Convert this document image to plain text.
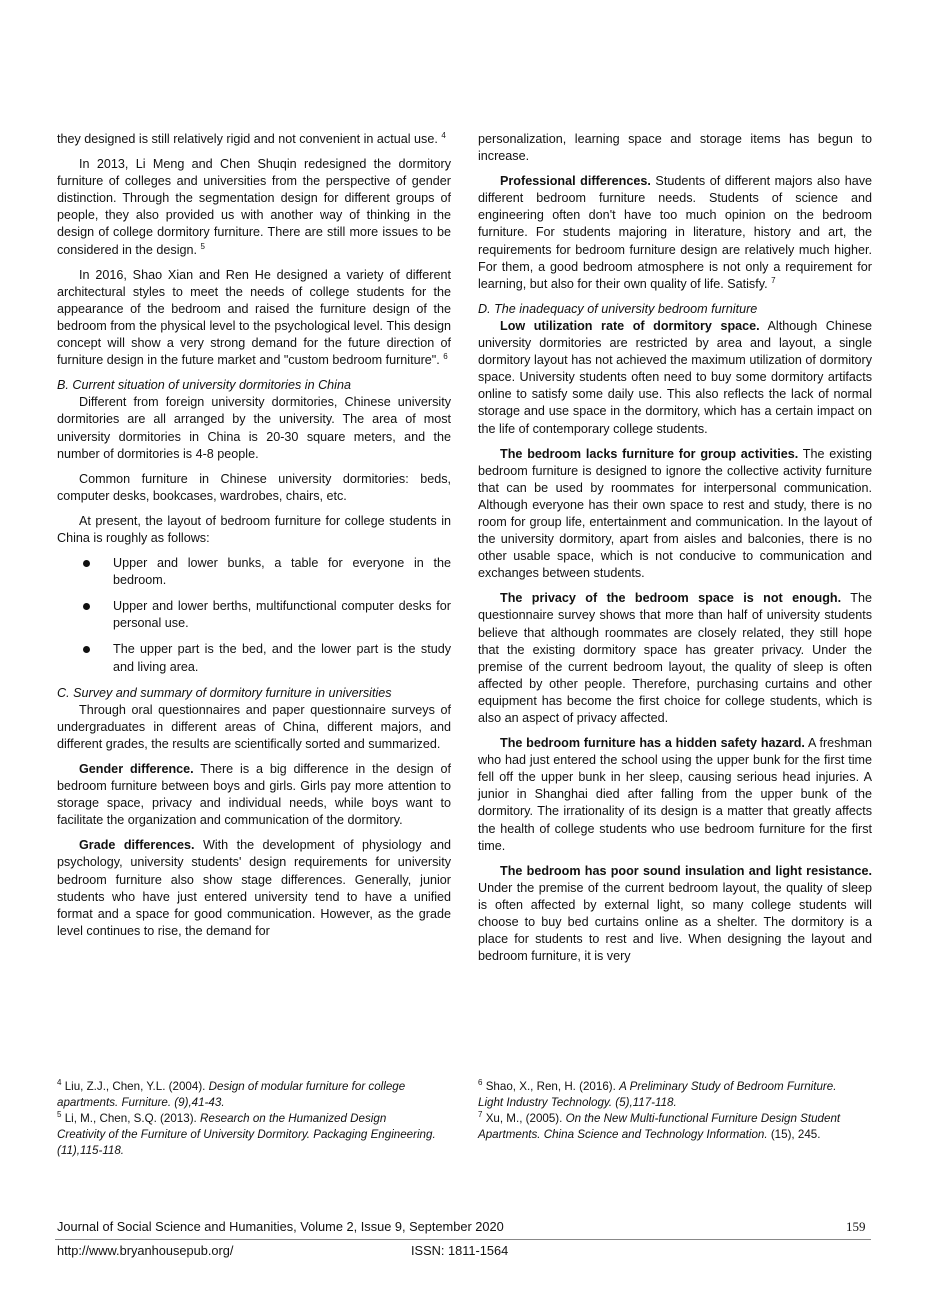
they designed is still relatively rigid and not convenient in actual use. $^4$
In 2013, Li Meng and Chen Shuqin redesigned the dormitory furniture of colleges and universities from the perspective of gender distinction. Through the segmentation design for different groups of people, they also provided us with another way of thinking in the design of college dormitory furniture. There are still more issues to be considered in the design. $^5$
In 2016, Shao Xian and Ren He designed a variety of different architectural styles to meet the needs of college students for the appearance of the bedroom and raised the furniture design of the bedroom from the physical level to the psychological level. This design concept will show a very strong demand for the future direction of furniture design in the future market and "custom bedroom furniture". $^6$
B. Current situation of university dormitories in China
Different from foreign university dormitories, Chinese university dormitories are all arranged by the university. The area of most university dormitories in China is 20-30 square meters, and the number of dormitories is 4-8 people.
Common furniture in Chinese university dormitories: beds, computer desks, bookcases, wardrobes, chairs, etc.
At present, the layout of bedroom furniture for college students in China is roughly as follows:
Upper and lower bunks, a table for everyone in the bedroom.
Upper and lower berths, multifunctional computer desks for personal use.
The upper part is the bed, and the lower part is the study and living area.
C. Survey and summary of dormitory furniture in universities
Through oral questionnaires and paper questionnaire surveys of undergraduates in different areas of China, different majors, and different grades, the results are scientifically sorted and summarized.
Gender difference. There is a big difference in the design of bedroom furniture between boys and girls. Girls pay more attention to storage space, privacy and individual needs, while boys want to facilitate the organization and communication of the dormitory.
Grade differences. With the development of physiology and psychology, university students' design requirements for university bedroom furniture also show stage differences. Generally, junior students who have just entered university tend to have a unified format and a space for good communication. However, as the grade level continues to rise, the demand for
personalization, learning space and storage items has begun to increase.
Professional differences. Students of different majors also have different bedroom furniture needs. Students of science and engineering often don't have too much opinion on the bedroom furniture. For students majoring in literature, history and art, the requirements for bedroom furniture design are relatively much higher. For them, a good bedroom atmosphere is not only a requirement for learning, but also for their own quality of life. Satisfy. $^7$
D. The inadequacy of university bedroom furniture
Low utilization rate of dormitory space. Although Chinese university dormitories are restricted by area and layout, a single dormitory layout has not achieved the maximum utilization of dormitory space. University students often need to buy some dormitory artifacts online to satisfy some daily use. This also reflects the lack of normal storage and use space in the dormitory, which has a certain impact on the life of contemporary college students.
The bedroom lacks furniture for group activities. The existing bedroom furniture is designed to ignore the collective activity furniture that can be used by roommates for interpersonal communication. Although everyone has their own space to rest and study, there is no room for group life, entertainment and communication. In the layout of the university dormitory, apart from aisles and balconies, there is no other usable space, which is not conducive to communication and exchanges between students.
The privacy of the bedroom space is not enough. The questionnaire survey shows that more than half of university students believe that although roommates are closely related, they still hope that the existing dormitory space has greater privacy. Under the premise of the current bedroom layout, the quality of sleep is often affected by other people. Therefore, purchasing curtains and other equipment has become the first choice for college students, which is also an aspect of privacy affected.
The bedroom furniture has a hidden safety hazard. A freshman who had just entered the school using the upper bunk for the first time fell off the upper bunk in her sleep, causing serious head injuries. A junior in Shanghai died after falling from the upper bunk of the dormitory. The irrationality of its design is a matter that greatly affects the health of college students who use bedroom furniture for the first time.
The bedroom has poor sound insulation and light resistance. Under the premise of the current bedroom layout, the quality of sleep is often affected by external light, so many college students will choose to buy bed curtains online as a shelter. The dormitory is a place for students to rest and live. When designing the layout and bedroom furniture, it is very
$^4$ Liu, Z.J., Chen, Y.L. (2004). Design of modular furniture for college apartments. Furniture. (9),41-43.
$^5$ Li, M., Chen, S.Q. (2013). Research on the Humanized Design Creativity of the Furniture of University Dormitory. Packaging Engineering. (11),115-118.
$^6$ Shao, X., Ren, H. (2016). A Preliminary Study of Bedroom Furniture. Light Industry Technology. (5),117-118.
$^7$ Xu, M., (2005). On the New Multi-functional Furniture Design Student Apartments. China Science and Technology Information. (15), 245.
Journal of Social Science and Humanities, Volume 2, Issue 9, September 2020	159
http://www.bryanhousepub.org/	ISSN: 1811-1564
